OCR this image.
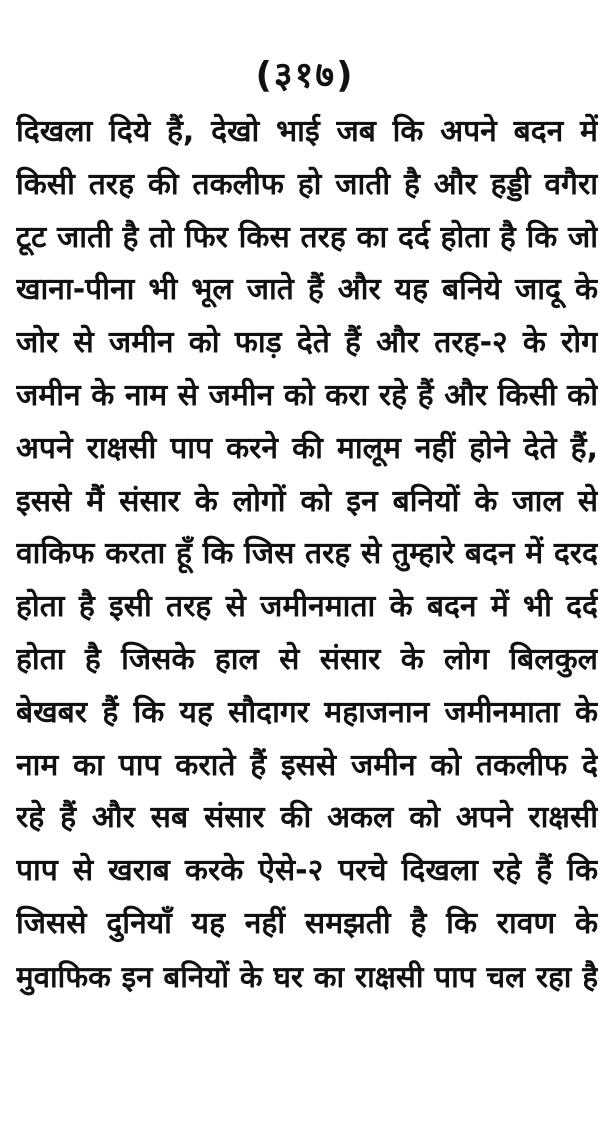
(३१७)
दिखला दिये हैं, देखो भाई जब कि अपने बदन में
किसी तरह की तकलीफ हो जाती है और हड्डी वगैरा
टूट जाती है तो फिर किस तरह का दर्द होता है कि जो
खाना-पीना भी भूल जाते हैं और यह बनिये जादू के
जोर से जमीन को फाड़ देते हैं और तरह-२ के रोग
जमीन के नाम से जमीन को करा रहे हैं और किसी को
अपने राक्षसी पाप करने की मालूम नहीं होने देते हैं,
इससे मैं संसार के लोगों को इन बनियों के जाल से
वाकिफ करता हूँ कि जिस तरह से तुम्हारे बदन में दरद
होता है इसी तरह से जमीनमाता के बदन में भी दर्द
होता है जिसके हाल से संसार के लोग बिलकुल
बेखबर हैं कि यह सौदागर महाजनान जमीनमाता के
नाम का पाप कराते हैं इससे जमीन को तकलीफ दे
रहे हैं और सब संसार की अकल को अपने राक्षसी
पाप से खराब करके ऐसे-२ परचे दिखला रहे हैं कि
जिससे दुनियाँ यह नहीं समझती है कि रावण के
मुवाफिक इन बनियों के घर का राक्षसी पाप चल रहा है
